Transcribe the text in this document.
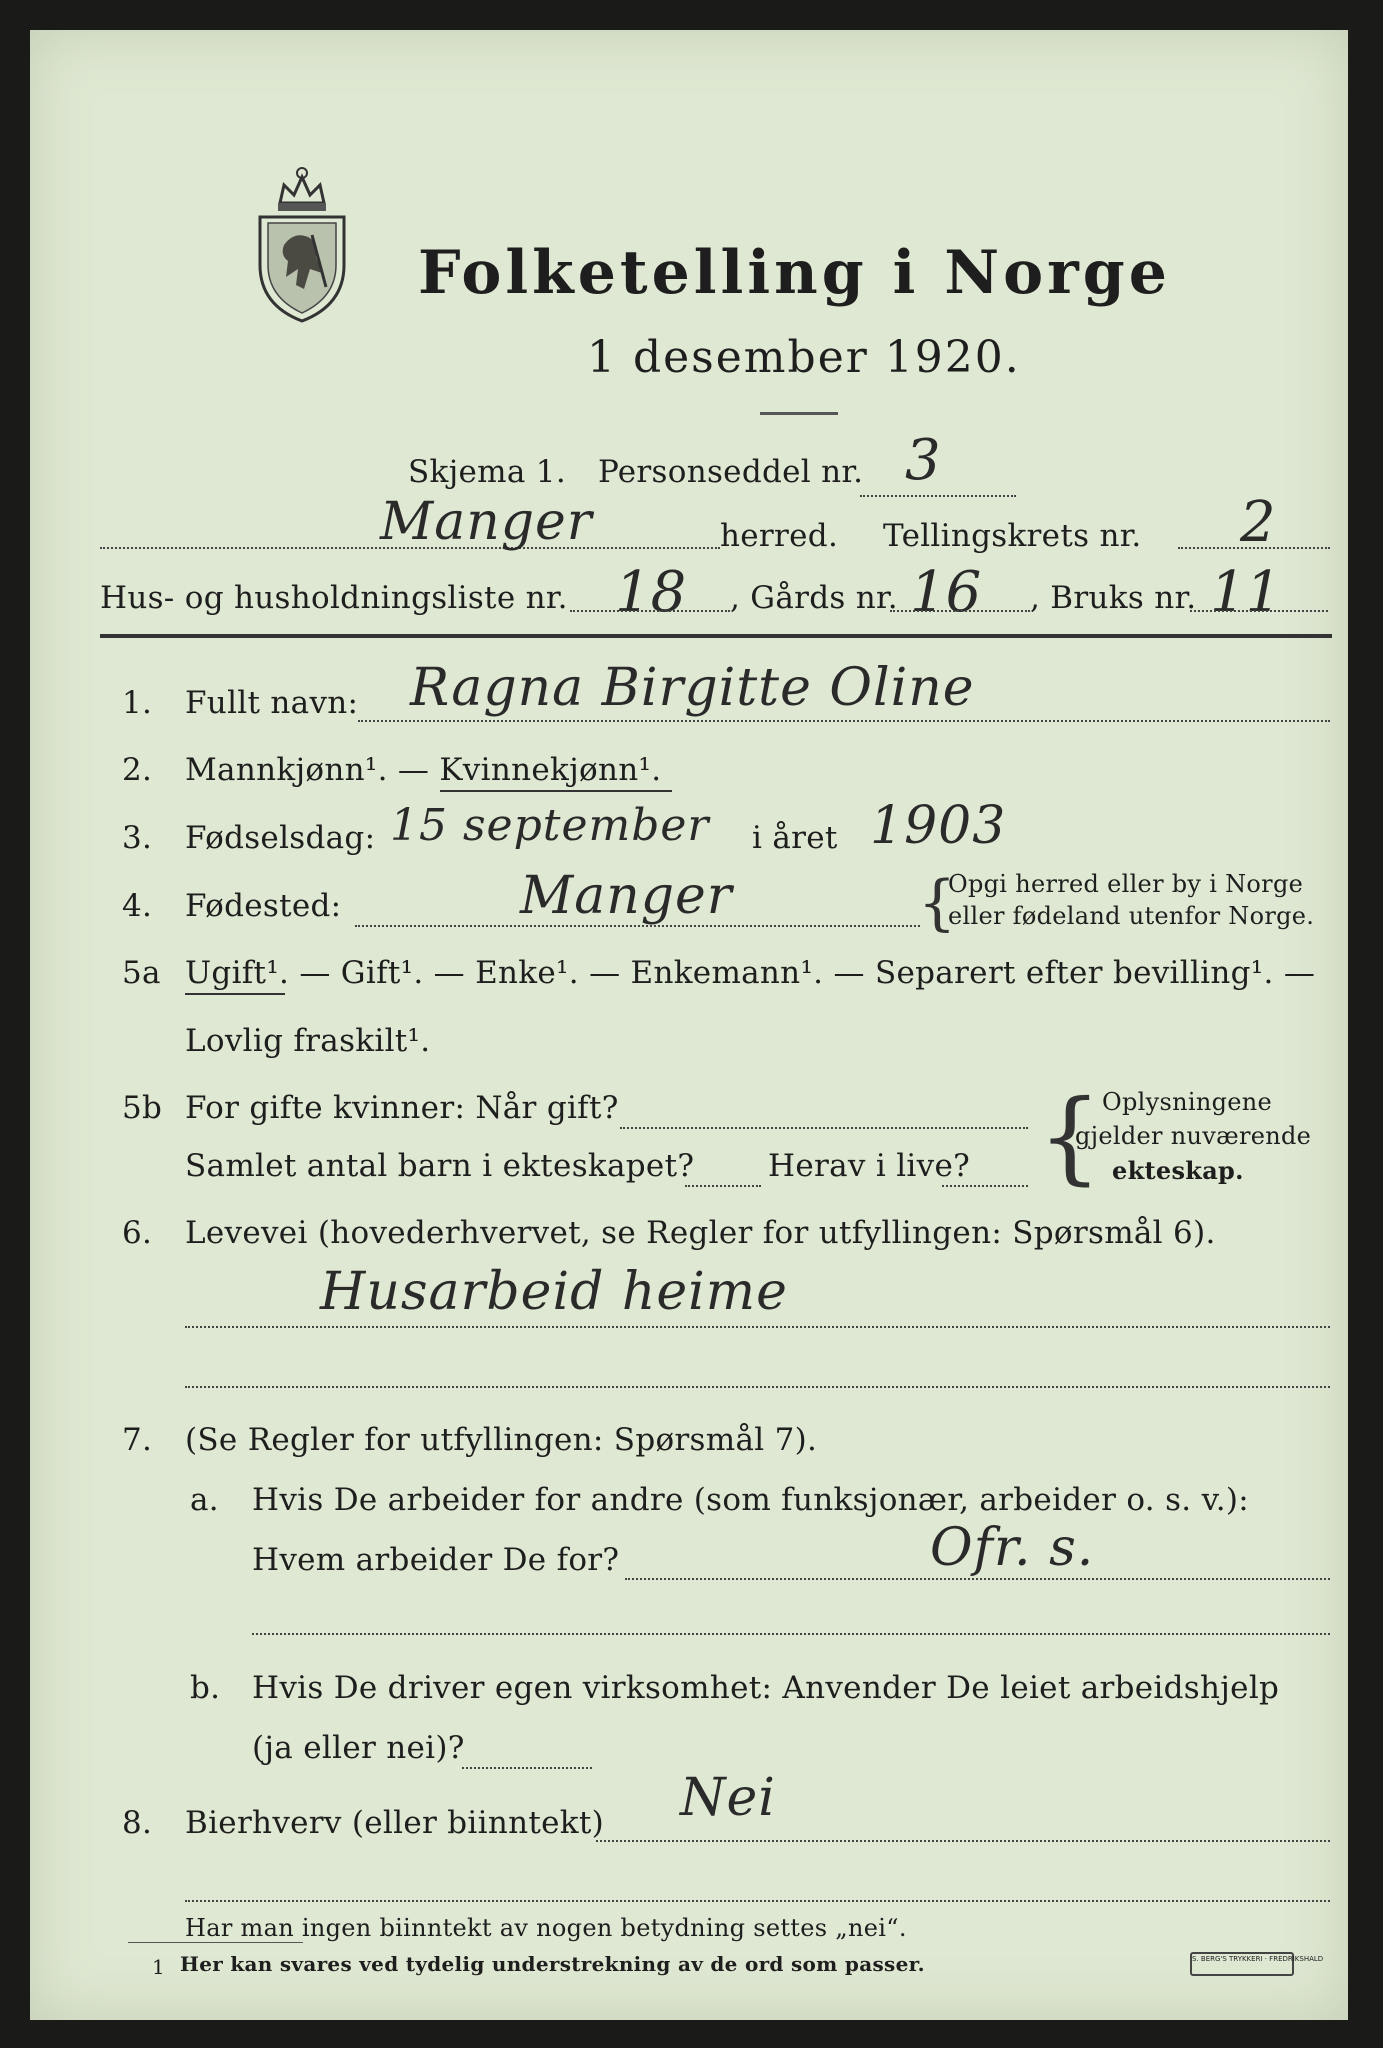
Folketelling i Norge
1 desember 1920.
Skjema 1. Personseddel nr. 3
Manger	herred. Tellingskrets nr. 2
Hus- og husholdningsliste nr. 18 , Gårds nr. 16 , Bruks nr. 11
1. Fullt navn: Ragna Birgitte Oline
2. Mannkjønn¹. — Kvinnekjønn¹.
3. Fødselsdag: 15 september i året 1903
4. Fødested:	Manger	{
Opgi herred eller by i Norge
eller fødeland utenfor Norge.
5a Ugift¹. — Gift¹. — Enke¹. — Enkemann¹. — Separert efter bevilling¹. —
Lovlig fraskilt¹.
5b For gifte kvinner: Når gift?
Samlet antal barn i ekteskapet? Herav i live? { Oplysningene
gjelder nuværende
ekteskap.
6. Levevei (hovederhvervet, se Regler for utfyllingen: Spørsmål 6).
Husarbeid heime
7. (Se Regler for utfyllingen: Spørsmål 7).
a. Hvis De arbeider for andre (som funksjonær, arbeider o. s. v.):
Hvem arbeider De for?	Ofr. s.
b. Hvis De driver egen virksomhet: Anvender De leiet arbeidshjelp
(ja eller nei)?
8. Bierhverv (eller biinntekt) Nei
Har man ingen biinntekt av nogen betydning settes „nei“.
1 Her kan svares ved tydelig understrekning av de ord som passer.	S. BERG'S TRYKKERI · FREDRIKSHALD
